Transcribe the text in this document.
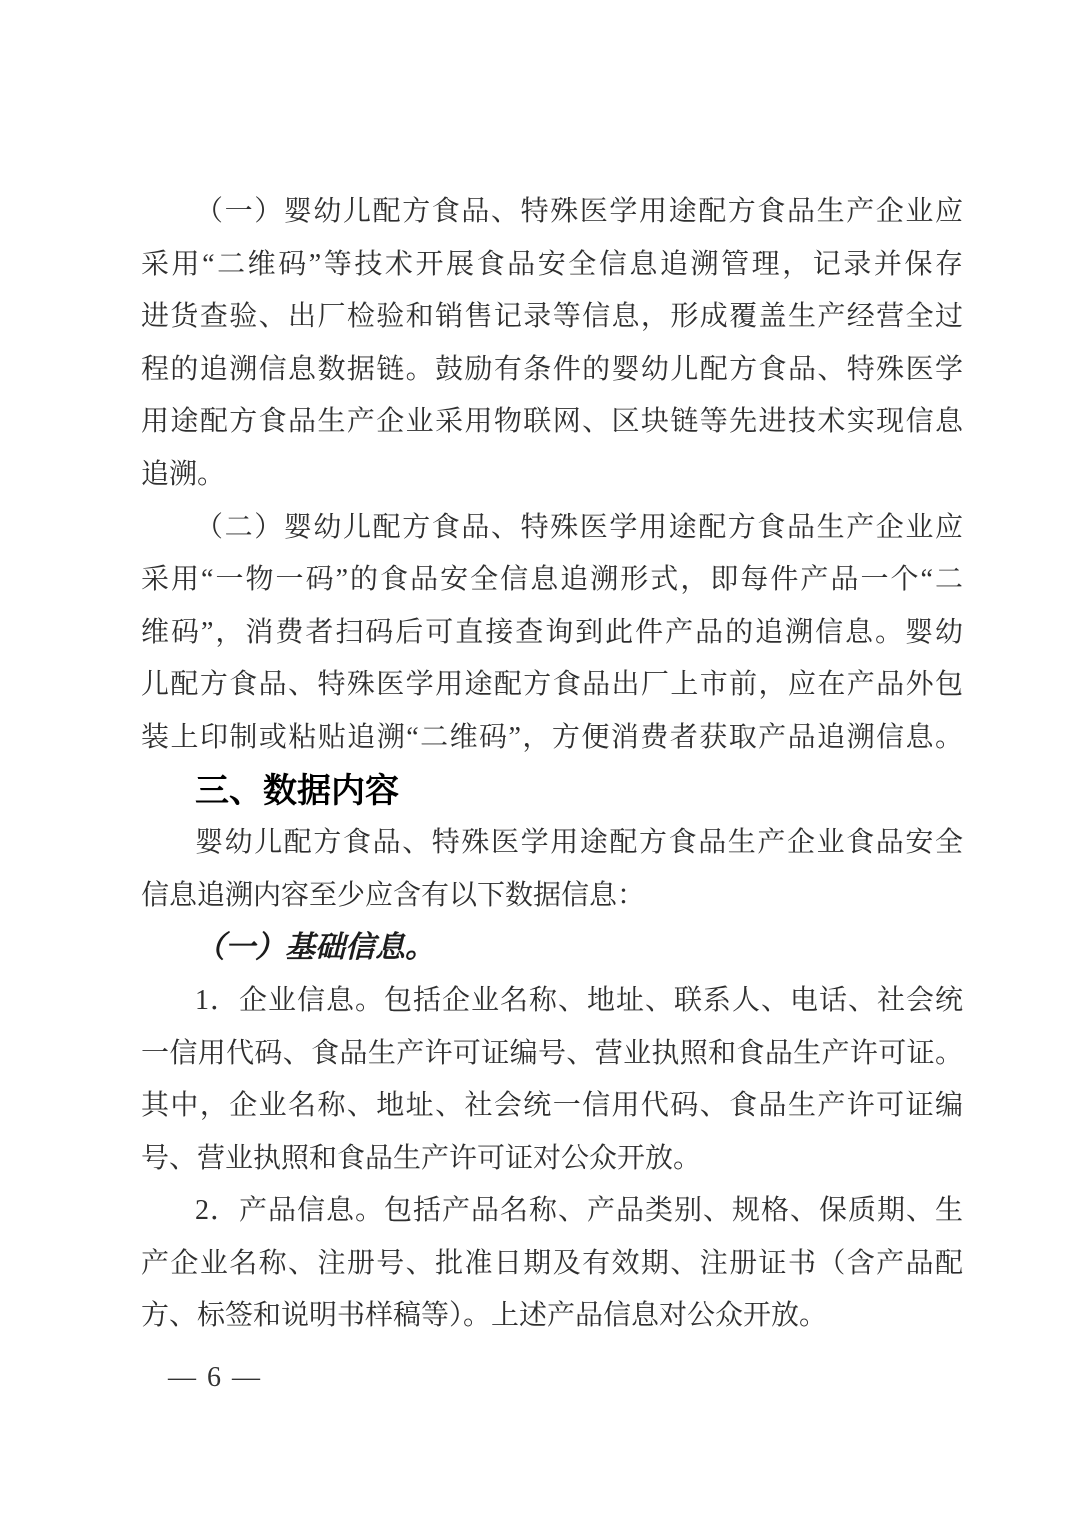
（一）婴幼儿配方食品、特殊医学用途配方食品生产企业应
采用“二维码”等技术开展食品安全信息追溯管理，记录并保存
进货查验、出厂检验和销售记录等信息，形成覆盖生产经营全过
程的追溯信息数据链。鼓励有条件的婴幼儿配方食品、特殊医学
用途配方食品生产企业采用物联网、区块链等先进技术实现信息
追溯。
（二）婴幼儿配方食品、特殊医学用途配方食品生产企业应
采用“一物一码”的食品安全信息追溯形式，即每件产品一个“二
维码”，消费者扫码后可直接查询到此件产品的追溯信息。婴幼
儿配方食品、特殊医学用途配方食品出厂上市前，应在产品外包
装上印制或粘贴追溯“二维码”，方便消费者获取产品追溯信息。
三、数据内容
婴幼儿配方食品、特殊医学用途配方食品生产企业食品安全
信息追溯内容至少应含有以下数据信息：
（一）基础信息。
1．企业信息。包括企业名称、地址、联系人、电话、社会统
一信用代码、食品生产许可证编号、营业执照和食品生产许可证。
其中，企业名称、地址、社会统一信用代码、食品生产许可证编
号、营业执照和食品生产许可证对公众开放。
2．产品信息。包括产品名称、产品类别、规格、保质期、生
产企业名称、注册号、批准日期及有效期、注册证书（含产品配
方、标签和说明书样稿等）。上述产品信息对公众开放。
— 6 —
